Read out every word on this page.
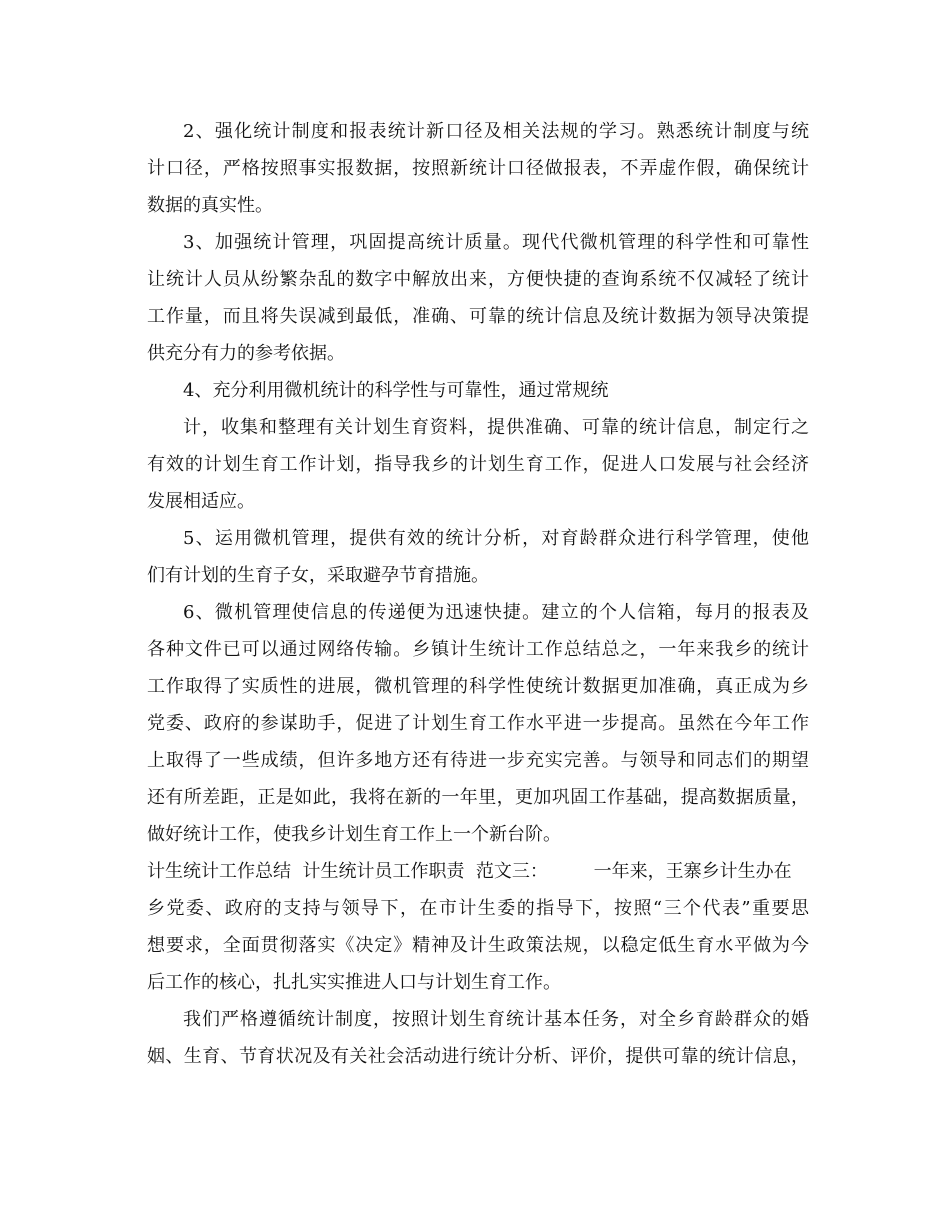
2、强化统计制度和报表统计新口径及相关法规的学习。熟悉统计制度与统
计口径，严格按照事实报数据，按照新统计口径做报表，不弄虚作假，确保统计
数据的真实性。
3、加强统计管理，巩固提高统计质量。现代代微机管理的科学性和可靠性
让统计人员从纷繁杂乱的数字中解放出来，方便快捷的查询系统不仅减轻了统计
工作量，而且将失误减到最低，准确、可靠的统计信息及统计数据为领导决策提
供充分有力的参考依据。
4、充分利用微机统计的科学性与可靠性，通过常规统
计，收集和整理有关计划生育资料，提供准确、可靠的统计信息，制定行之
有效的计划生育工作计划，指导我乡的计划生育工作，促进人口发展与社会经济
发展相适应。
5、运用微机管理，提供有效的统计分析，对育龄群众进行科学管理，使他
们有计划的生育子女，采取避孕节育措施。
6、微机管理使信息的传递便为迅速快捷。建立的个人信箱，每月的报表及
各种文件已可以通过网络传输。乡镇计生统计工作总结总之，一年来我乡的统计
工作取得了实质性的进展，微机管理的科学性使统计数据更加准确，真正成为乡
党委、政府的参谋助手，促进了计划生育工作水平进一步提高。虽然在今年工作
上取得了一些成绩，但许多地方还有待进一步充实完善。与领导和同志们的期望
还有所差距，正是如此，我将在新的一年里，更加巩固工作基础，提高数据质量，
做好统计工作，使我乡计划生育工作上一个新台阶。
计生统计工作总结  计生统计员工作职责  范文三：        一年来，王寨乡计生办在
乡党委、政府的支持与领导下，在市计生委的指导下，按照“三个代表”重要思
想要求，全面贯彻落实《决定》精神及计生政策法规，以稳定低生育水平做为今
后工作的核心，扎扎实实推进人口与计划生育工作。
我们严格遵循统计制度，按照计划生育统计基本任务，对全乡育龄群众的婚
姻、生育、节育状况及有关社会活动进行统计分析、评价，提供可靠的统计信息，
